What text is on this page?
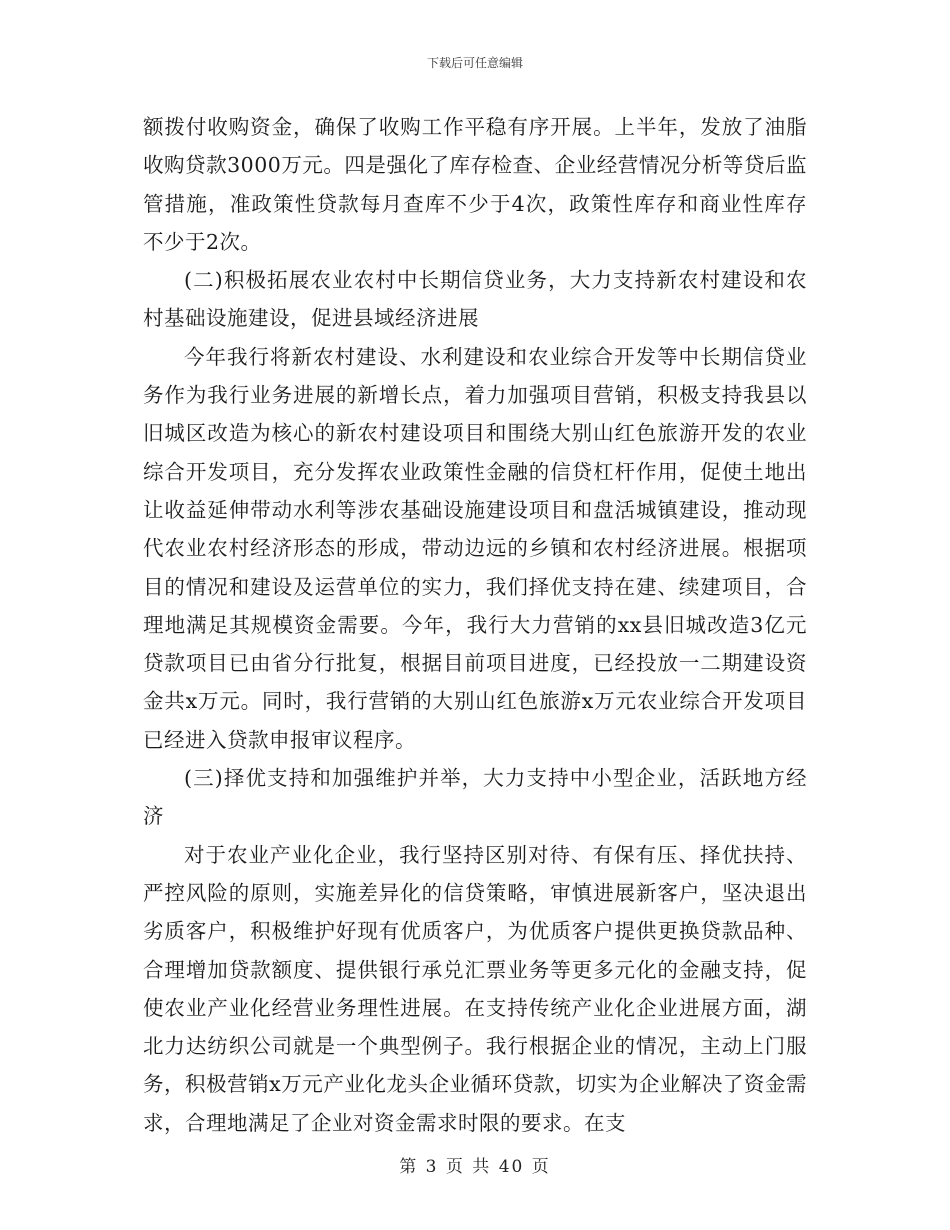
下载后可任意编辑

额拨付收购资金，确保了收购工作平稳有序开展。上半年，发放了油脂收购贷款3000万元。四是强化了库存检查、企业经营情况分析等贷后监管措施，准政策性贷款每月查库不少于4次，政策性库存和商业性库存不少于2次。

(二)积极拓展农业农村中长期信贷业务，大力支持新农村建设和农村基础设施建设，促进县域经济进展

今年我行将新农村建设、水利建设和农业综合开发等中长期信贷业务作为我行业务进展的新增长点，着力加强项目营销，积极支持我县以旧城区改造为核心的新农村建设项目和围绕大别山红色旅游开发的农业综合开发项目，充分发挥农业政策性金融的信贷杠杆作用，促使土地出让收益延伸带动水利等涉农基础设施建设项目和盘活城镇建设，推动现代农业农村经济形态的形成，带动边远的乡镇和农村经济进展。根据项目的情况和建设及运营单位的实力，我们择优支持在建、续建项目，合理地满足其规模资金需要。今年，我行大力营销的xx县旧城改造3亿元贷款项目已由省分行批复，根据目前项目进度，已经投放一二期建设资金共x万元。同时，我行营销的大别山红色旅游x万元农业综合开发项目已经进入贷款申报审议程序。

(三)择优支持和加强维护并举，大力支持中小型企业，活跃地方经济

对于农业产业化企业，我行坚持区别对待、有保有压、择优扶持、严控风险的原则，实施差异化的信贷策略，审慎进展新客户，坚决退出劣质客户，积极维护好现有优质客户，为优质客户提供更换贷款品种、合理增加贷款额度、提供银行承兑汇票业务等更多元化的金融支持，促使农业产业化经营业务理性进展。在支持传统产业化企业进展方面，湖北力达纺织公司就是一个典型例子。我行根据企业的情况，主动上门服务，积极营销x万元产业化龙头企业循环贷款，切实为企业解决了资金需求，合理地满足了企业对资金需求时限的要求。在支

第 3 页 共 40 页
